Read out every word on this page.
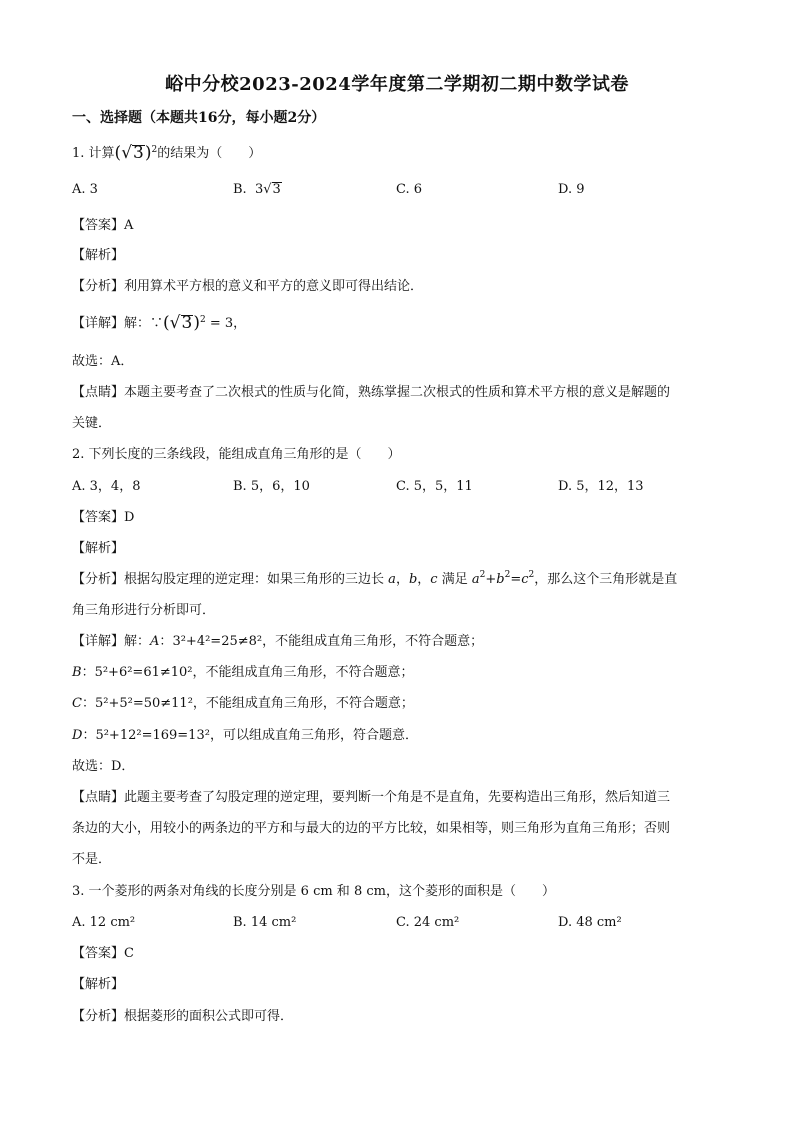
峪中分校2023-2024学年度第二学期初二期中数学试卷
一、选择题（本题共16分，每小题2分）
1. 计算$(√3)^2$的结果为（　　）
A. 3	B.  3√3	C. 6	D. 9
【答案】A
【解析】
【分析】利用算术平方根的意义和平方的意义即可得出结论．
【详解】解：$\because(√3)^2 = 3$，
故选：A．
【点睛】本题主要考查了二次根式的性质与化简，熟练掌握二次根式的性质和算术平方根的意义是解题的
关键．
2. 下列长度的三条线段，能组成直角三角形的是（　　）
A. 3，4，8	B. 5，6，10	C. 5，5，11	D. 5，12，13
【答案】D
【解析】
【分析】根据勾股定理的逆定理：如果三角形的三边长 a，b，c 满足 $a^2+b^2=c^2$，那么这个三角形就是直
角三角形进行分析即可．
【详解】解：A：3²+4²=25≠8²，不能组成直角三角形，不符合题意；
B：5²+6²=61≠10²，不能组成直角三角形，不符合题意；
C：5²+5²=50≠11²，不能组成直角三角形，不符合题意；
D：5²+12²=169=13²，可以组成直角三角形，符合题意．
故选：D．
【点睛】此题主要考查了勾股定理的逆定理，要判断一个角是不是直角，先要构造出三角形，然后知道三
条边的大小，用较小的两条边的平方和与最大的边的平方比较，如果相等，则三角形为直角三角形；否则
不是．
3. 一个菱形的两条对角线的长度分别是 6 cm 和 8 cm，这个菱形的面积是（　　）
A. 12 cm²	B. 14 cm²	C. 24 cm²	D. 48 cm²
【答案】C
【解析】
【分析】根据菱形的面积公式即可得．
